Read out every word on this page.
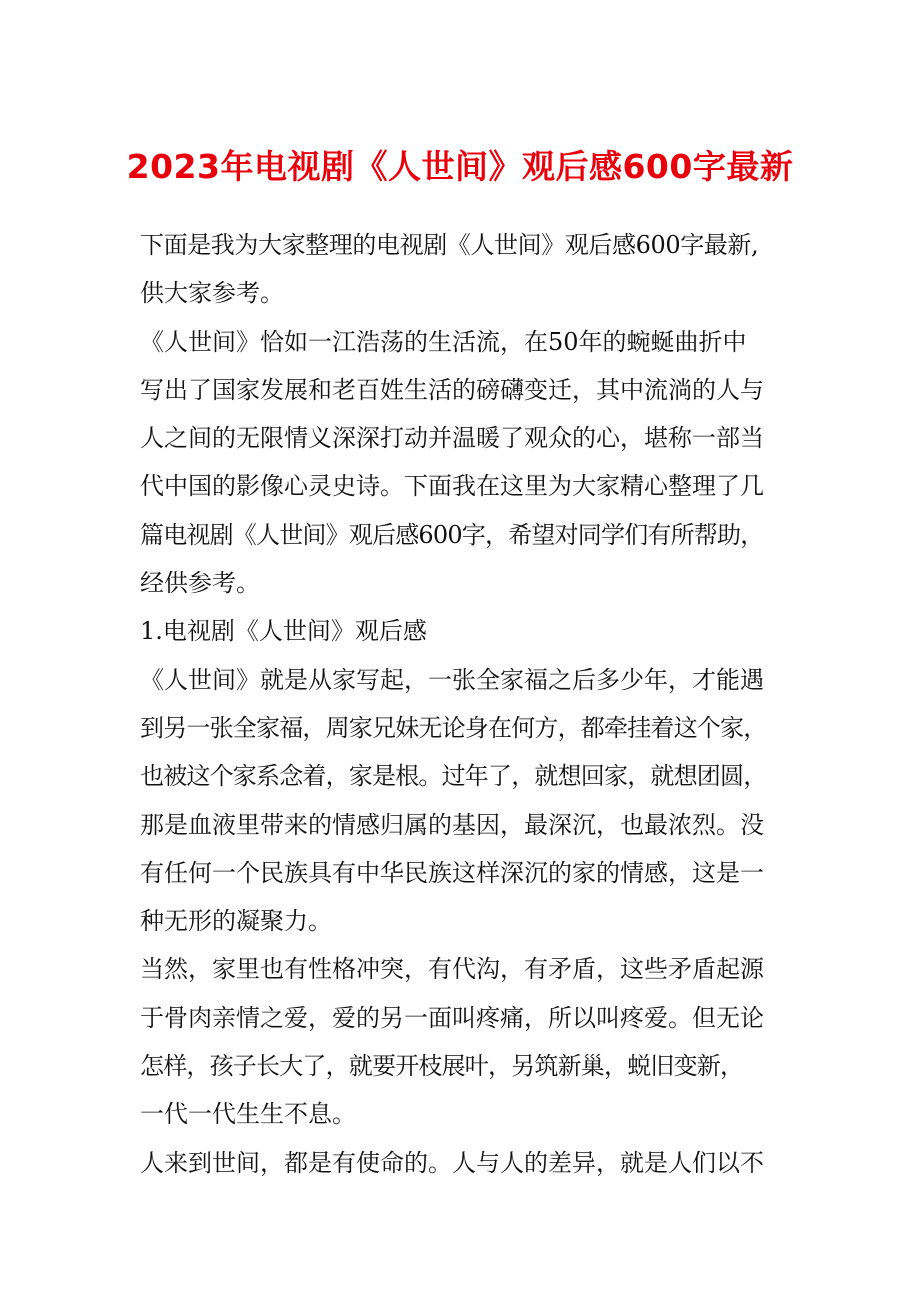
2023年电视剧《人世间》观后感600字最新
下面是我为大家整理的电视剧《人世间》观后感600字最新,
供大家参考。
《人世间》恰如一江浩荡的生活流，在50年的蜿蜒曲折中
写出了国家发展和老百姓生活的磅礴变迁，其中流淌的人与
人之间的无限情义深深打动并温暖了观众的心，堪称一部当
代中国的影像心灵史诗。下面我在这里为大家精心整理了几
篇电视剧《人世间》观后感600字，希望对同学们有所帮助，
经供参考。
1.电视剧《人世间》观后感
《人世间》就是从家写起，一张全家福之后多少年，才能遇
到另一张全家福，周家兄妹无论身在何方，都牵挂着这个家，
也被这个家系念着，家是根。过年了，就想回家，就想团圆，
那是血液里带来的情感归属的基因，最深沉，也最浓烈。没
有任何一个民族具有中华民族这样深沉的家的情感，这是一
种无形的凝聚力。
当然，家里也有性格冲突，有代沟，有矛盾，这些矛盾起源
于骨肉亲情之爱，爱的另一面叫疼痛，所以叫疼爱。但无论
怎样，孩子长大了，就要开枝展叶，另筑新巢，蜕旧变新，
一代一代生生不息。
人来到世间，都是有使命的。人与人的差异，就是人们以不
